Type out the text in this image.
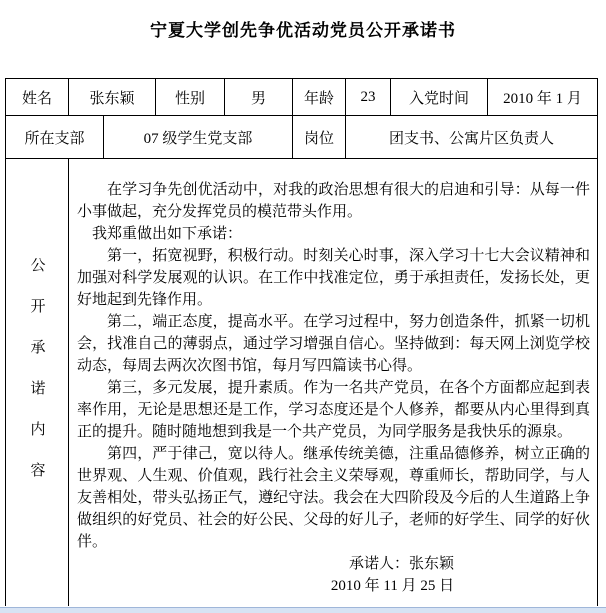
宁夏大学创先争优活动党员公开承诺书
姓名	张东颖		性别	男	年龄	23	入党时间	2010 年 1 月
所在支部		07 级学生党支部			岗位	团支书、公寓片区负责人		
公开承诺内容	

在学习争先创优活动中，对我的政治思想有很大的启迪和引导：从每一件小事做起，充分发挥党员的模范带头作用。

我郑重做出如下承诺：

第一，拓宽视野，积极行动。时刻关心时事，深入学习十七大会议精神和加强对科学发展观的认识。在工作中找准定位，勇于承担责任，发扬长处，更好地起到先锋作用。

第二，端正态度，提高水平。在学习过程中，努力创造条件，抓紧一切机会，找准自己的薄弱点，通过学习增强自信心。坚持做到：每天网上浏览学校动态，每周去两次次图书馆，每月写四篇读书心得。

第三，多元发展，提升素质。作为一名共产党员，在各个方面都应起到表率作用，无论是思想还是工作，学习态度还是个人修养，都要从内心里得到真正的提升。随时随地想到我是一个共产党员，为同学服务是我快乐的源泉。

第四，严于律己，宽以待人。继承传统美德，注重品德修养，树立正确的世界观、人生观、价值观，践行社会主义荣辱观，尊重师长，帮助同学，与人友善相处，带头弘扬正气，遵纪守法。我会在大四阶段及今后的人生道路上争做组织的好党员、社会的好公民、父母的好儿子，老师的好学生、同学的好伙伴。

承诺人：张东颖
2010 年 11 月 25 日
